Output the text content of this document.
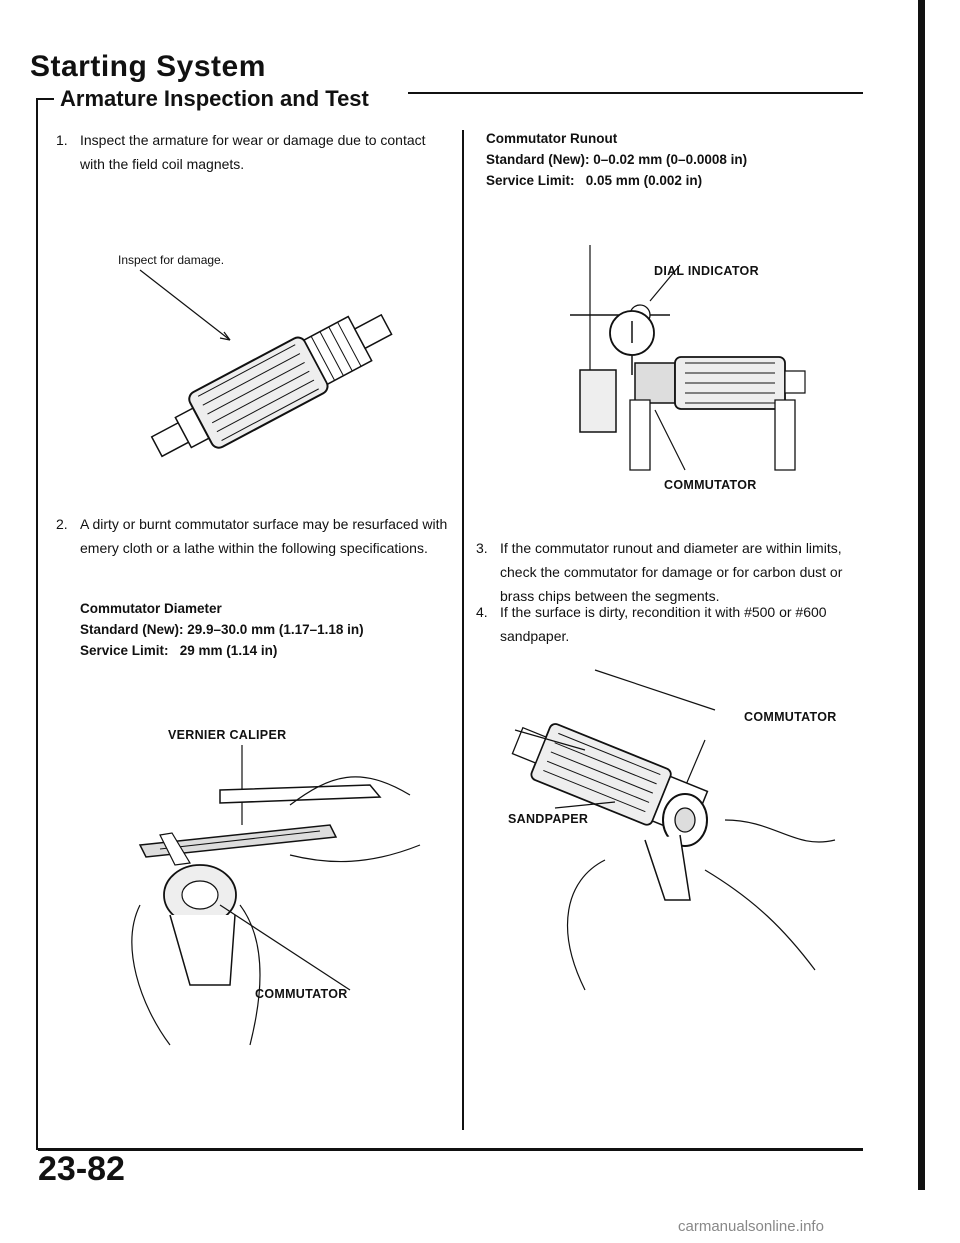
Starting System
Armature Inspection and Test
1. Inspect the armature for wear or damage due to contact with the field coil magnets.
Inspect for damage.
2. A dirty or burnt commutator surface may be resurfaced with emery cloth or a lathe within the following specifications.
Commutator Diameter
Standard (New): 29.9–30.0 mm (1.17–1.18 in)
Service Limit:   29 mm (1.14 in)
VERNIER CALIPER
COMMUTATOR
Commutator Runout
Standard (New): 0–0.02 mm (0–0.0008 in)
Service Limit:   0.05 mm (0.002 in)
DIAL INDICATOR
COMMUTATOR
3. If the commutator runout and diameter are within limits, check the commutator for damage or for carbon dust or brass chips between the segments.
4. If the surface is dirty, recondition it with #500 or #600 sandpaper.
COMMUTATOR
SANDPAPER
23-82
carmanualsonline.info
